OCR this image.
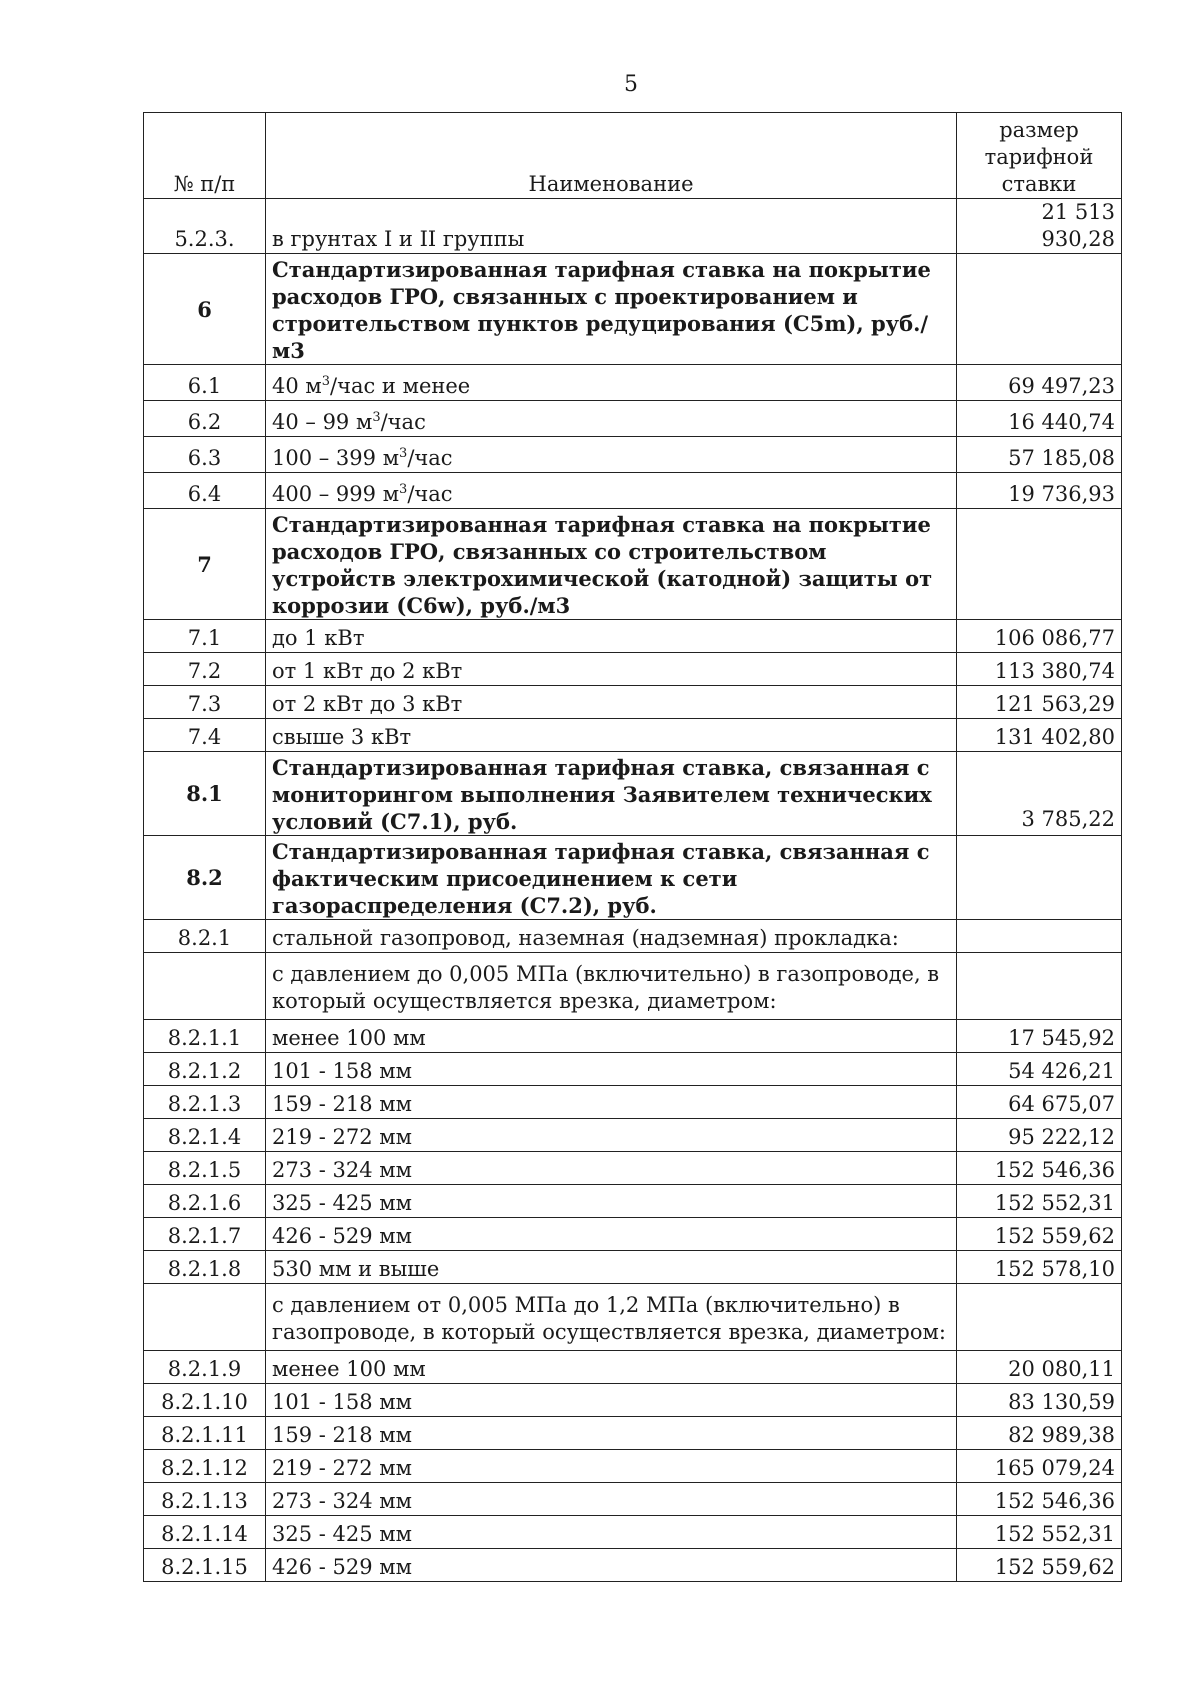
5
№ п/п	Наименование	размер
тарифной
ставки

5.2.3.	в грунтах I и II группы	21 513 930,28
6	Стандартизированная тарифная ставка на покрытие расходов ГРО, связанных с проектированием и строительством пунктов редуцирования (С5m), руб./м3	
6.1	40 $м^3$/час и менее	69 497,23
6.2	40 – 99 $м^3$/час	16 440,74
6.3	100 – 399 $м^3$/час	57 185,08
6.4	400 – 999 $м^3$/час	19 736,93
7	Стандартизированная тарифная ставка на покрытие расходов ГРО, связанных со строительством устройств электрохимической (катодной) защиты от коррозии (С6w), руб./м3	
7.1	до 1 кВт	106 086,77
7.2	от 1 кВт до 2 кВт	113 380,74
7.3	от 2 кВт до 3 кВт	121 563,29
7.4	свыше 3 кВт	131 402,80
8.1	Стандартизированная тарифная ставка, связанная с мониторингом выполнения Заявителем технических условий (С7.1), руб.	3 785,22
8.2	Стандартизированная тарифная ставка, связанная с фактическим присоединением к сети газораспределения (С7.2), руб.	
8.2.1	стальной газопровод, наземная (надземная) прокладка:	
	с давлением до 0,005 МПа (включительно) в газопроводе, в который осуществляется врезка, диаметром:	
8.2.1.1	менее 100 мм	17 545,92
8.2.1.2	101 - 158 мм	54 426,21
8.2.1.3	159 - 218 мм	64 675,07
8.2.1.4	219 - 272 мм	95 222,12
8.2.1.5	273 - 324 мм	152 546,36
8.2.1.6	325 - 425 мм	152 552,31
8.2.1.7	426 - 529 мм	152 559,62
8.2.1.8	530 мм и выше	152 578,10
	с давлением от 0,005 МПа до 1,2 МПа (включительно) в газопроводе, в который осуществляется врезка, диаметром:	
8.2.1.9	менее 100 мм	20 080,11
8.2.1.10	101 - 158 мм	83 130,59
8.2.1.11	159 - 218 мм	82 989,38
8.2.1.12	219 - 272 мм	165 079,24
8.2.1.13	273 - 324 мм	152 546,36
8.2.1.14	325 - 425 мм	152 552,31
8.2.1.15	426 - 529 мм	152 559,62
